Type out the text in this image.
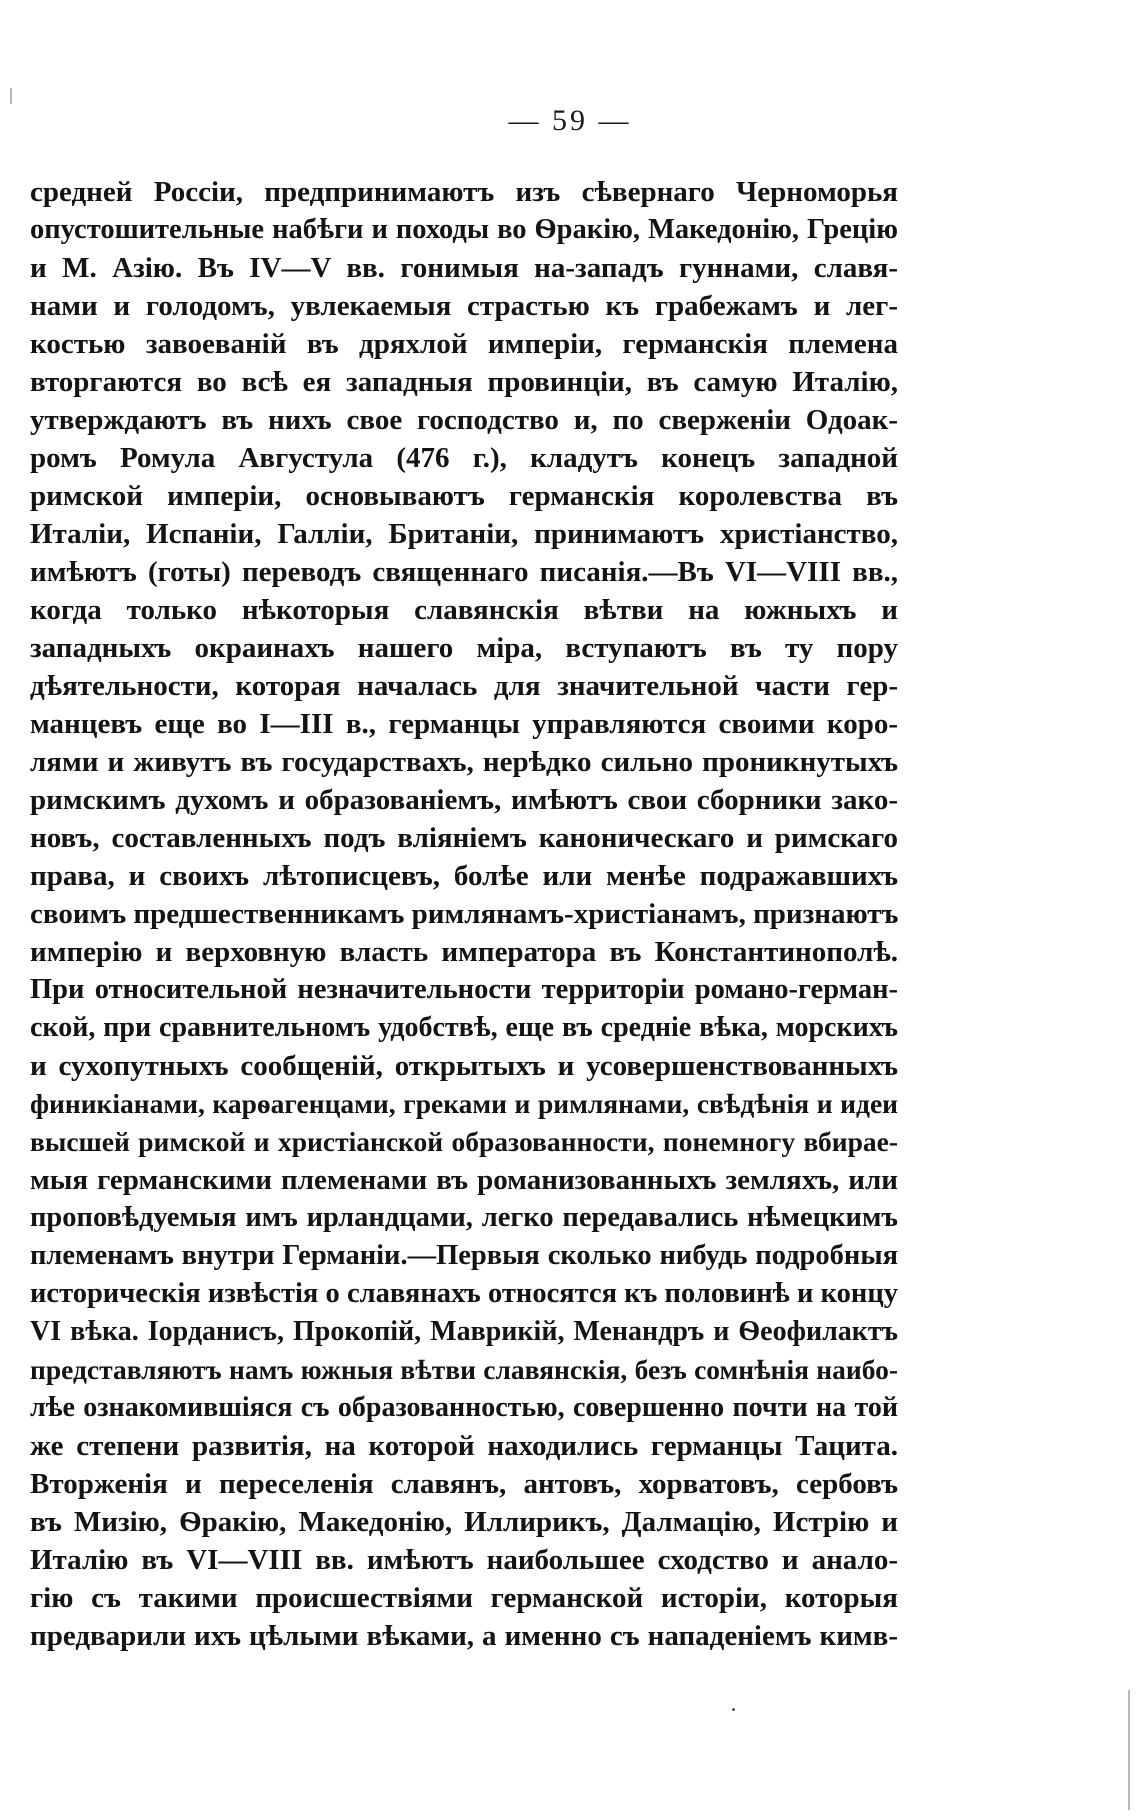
— 59 —
средней Россіи, предпринимаютъ изъ сѣвернаго Черноморья
опустошительные набѣги и походы во Ѳракію, Македонію, Грецію
и М. Азію. Въ IV—V вв. гонимыя на-западъ гуннами, славя-
нами и голодомъ, увлекаемыя страстью къ грабежамъ и лег-
костью завоеваній въ дряхлой имперіи, германскія племена
вторгаются во всѣ ея западныя провинціи, въ самую Италію,
утверждаютъ въ нихъ свое господство и, по сверженіи Одоак-
ромъ Ромула Августула (476 г.), кладутъ конецъ западной
римской имперіи, основываютъ германскія королевства въ
Италіи, Испаніи, Галліи, Британіи, принимаютъ христіанство,
имѣютъ (готы) переводъ священнаго писанія.—Въ VI—VIII вв.,
когда только нѣкоторыя славянскія вѣтви на южныхъ и
западныхъ окраинахъ нашего міра, вступаютъ въ ту пору
дѣятельности, которая началась для значительной части гер-
манцевъ еще во I—III в., германцы управляются своими коро-
лями и живутъ въ государствахъ, нерѣдко сильно проникнутыхъ
римскимъ духомъ и образованіемъ, имѣютъ свои сборники зако-
новъ, составленныхъ подъ вліяніемъ каноническаго и римскаго
права, и своихъ лѣтописцевъ, болѣе или менѣе подражавшихъ
своимъ предшественникамъ римлянамъ-христіанамъ, признаютъ
имперію и верховную власть императора въ Константинополѣ.
При относительной незначительности территоріи романо-герман-
ской, при сравнительномъ удобствѣ, еще въ средніе вѣка, морскихъ
и сухопутныхъ сообщеній, открытыхъ и усовершенствованныхъ
финикіанами, карѳагенцами, греками и римлянами, свѣдѣнія и идеи
высшей римской и христіанской образованности, понемногу вбирае-
мыя германскими племенами въ романизованныхъ земляхъ, или
проповѣдуемыя имъ ирландцами, легко передавались нѣмецкимъ
племенамъ внутри Германіи.—Первыя сколько нибудь подробныя
историческія извѣстія о славянахъ относятся къ половинѣ и концу
VI вѣка. Іорданисъ, Прокопій, Маврикій, Менандръ и Ѳеофилактъ
представляютъ намъ южныя вѣтви славянскія, безъ сомнѣнія наибо-
лѣе ознакомившіяся съ образованностью, совершенно почти на той
же степени развитія, на которой находились германцы Тацита.
Вторженія и переселенія славянъ, антовъ, хорватовъ, сербовъ
въ Мизію, Ѳракію, Македонію, Иллирикъ, Далмацію, Истрію и
Италію въ VI—VIII вв. имѣютъ наибольшее сходство и анало-
гію съ такими происшествіями германской исторіи, которыя
предварили ихъ цѣлыми вѣками, а именно съ нападеніемъ кимв-
